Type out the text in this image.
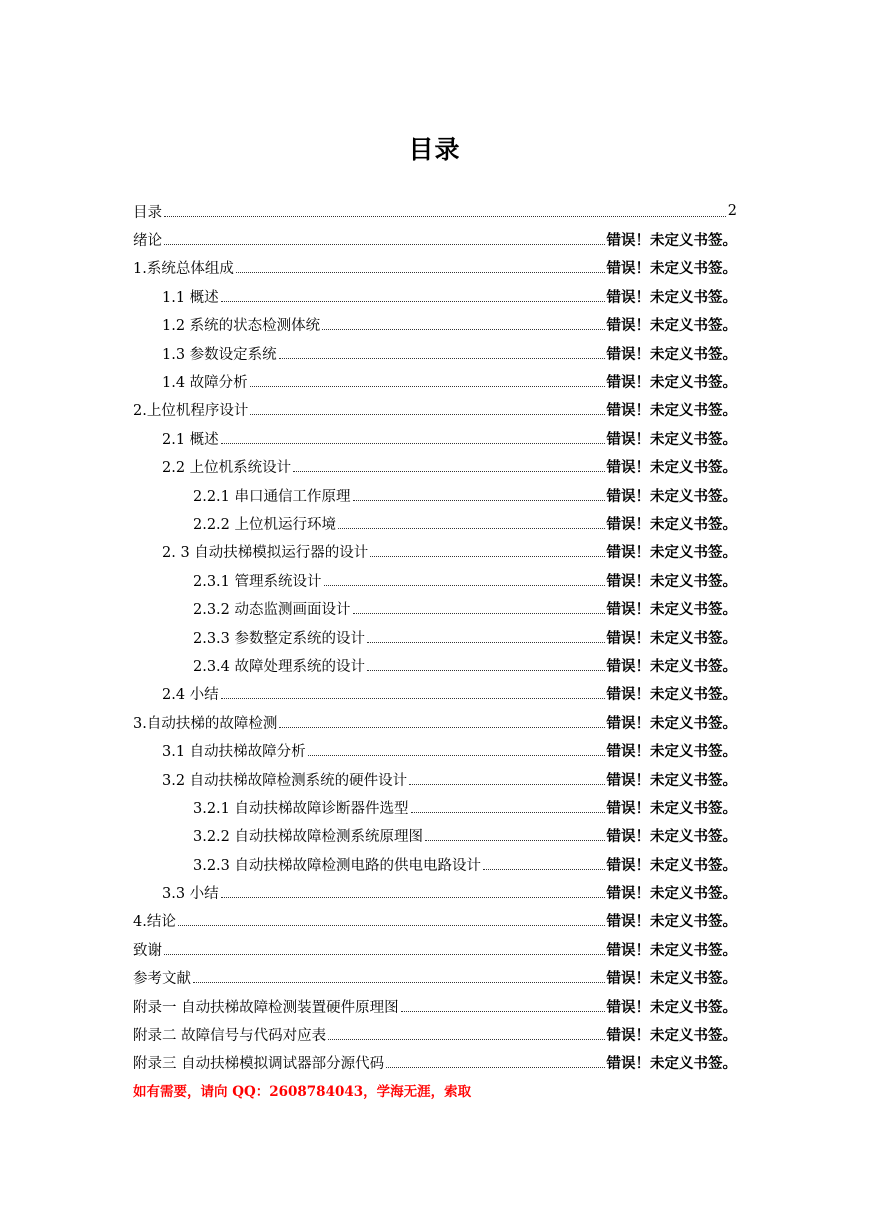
目录
目录	2
绪论	错误！未定义书签。
1.系统总体组成	错误！未定义书签。
1.1 概述	错误！未定义书签。
1.2 系统的状态检测体统	错误！未定义书签。
1.3 参数设定系统	错误！未定义书签。
1.4 故障分析	错误！未定义书签。
2.上位机程序设计	错误！未定义书签。
2.1 概述	错误！未定义书签。
2.2 上位机系统设计	错误！未定义书签。
2.2.1 串口通信工作原理	错误！未定义书签。
2.2.2 上位机运行环境	错误！未定义书签。
2. 3 自动扶梯模拟运行器的设计	错误！未定义书签。
2.3.1 管理系统设计	错误！未定义书签。
2.3.2 动态监测画面设计	错误！未定义书签。
2.3.3 参数整定系统的设计	错误！未定义书签。
2.3.4 故障处理系统的设计	错误！未定义书签。
2.4 小结	错误！未定义书签。
3.自动扶梯的故障检测	错误！未定义书签。
3.1 自动扶梯故障分析	错误！未定义书签。
3.2 自动扶梯故障检测系统的硬件设计	错误！未定义书签。
3.2.1 自动扶梯故障诊断器件选型	错误！未定义书签。
3.2.2 自动扶梯故障检测系统原理图	错误！未定义书签。
3.2.3 自动扶梯故障检测电路的供电电路设计	错误！未定义书签。
3.3 小结	错误！未定义书签。
4.结论	错误！未定义书签。
致谢	错误！未定义书签。
参考文献	错误！未定义书签。
附录一 自动扶梯故障检测装置硬件原理图	错误！未定义书签。
附录二 故障信号与代码对应表	错误！未定义书签。
附录三 自动扶梯模拟调试器部分源代码	错误！未定义书签。
如有需要，请向 QQ：2608784043，学海无涯，索取
